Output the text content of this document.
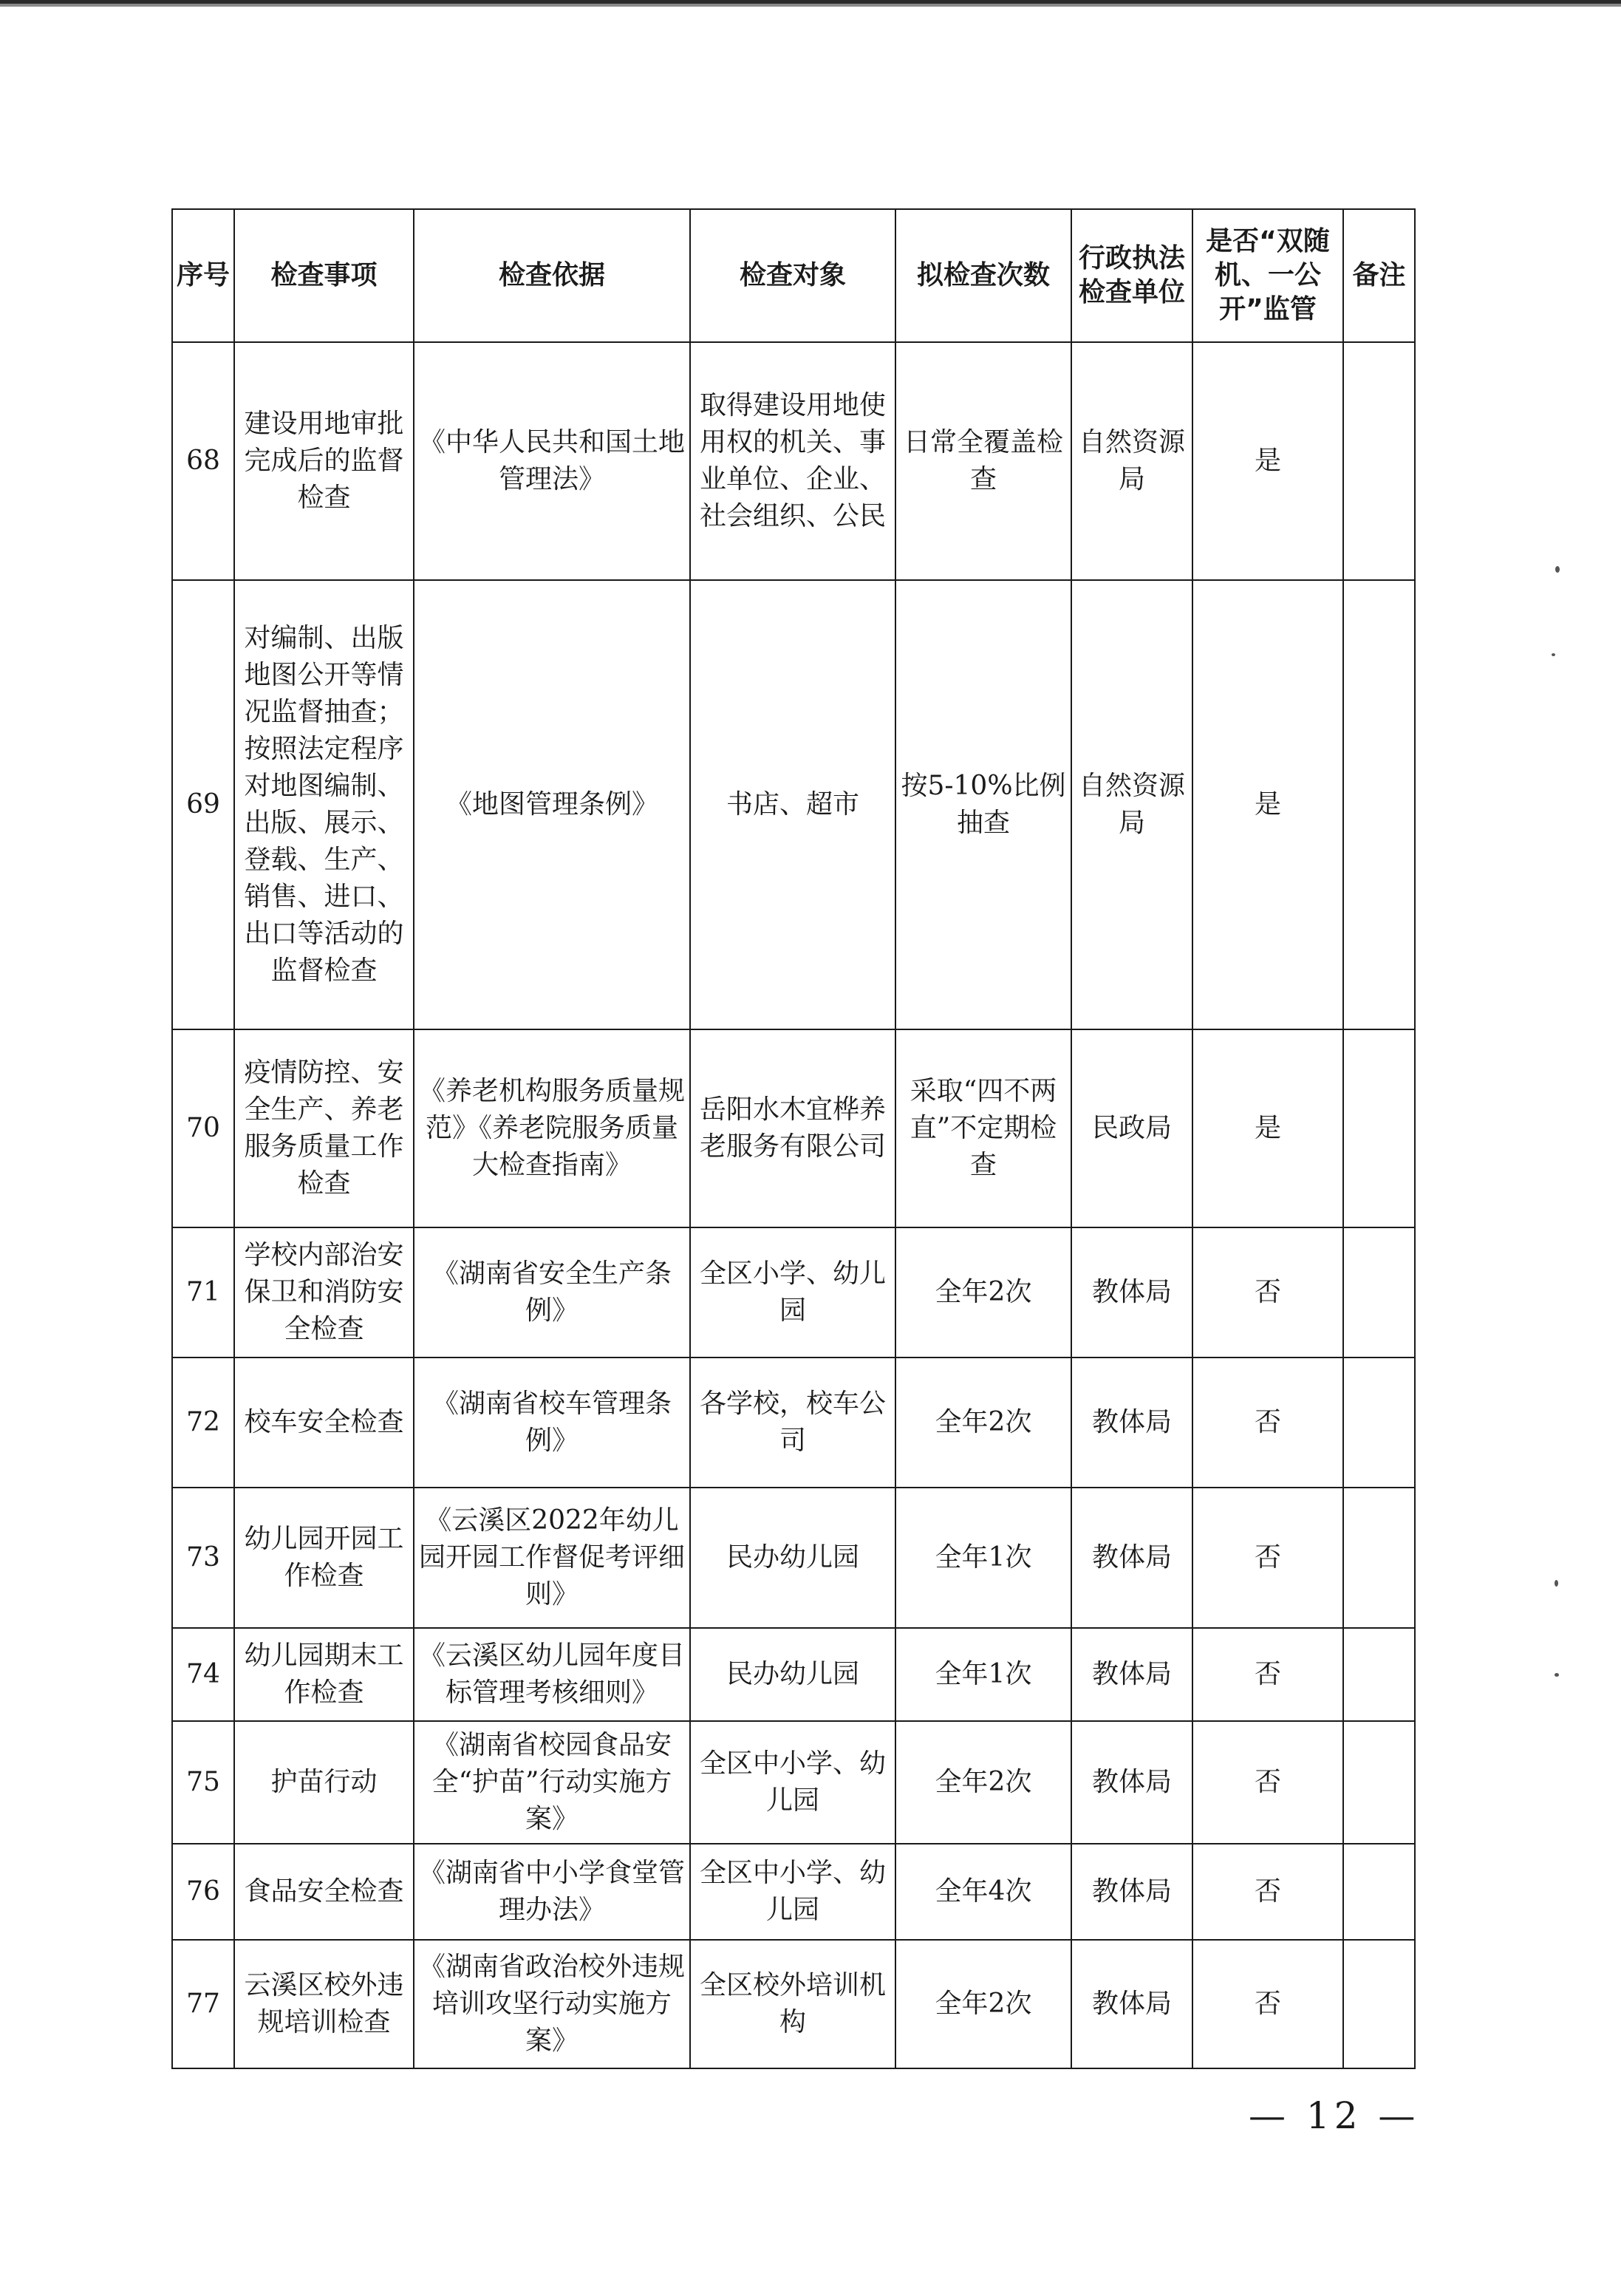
序号	检查事项	检查依据	检查对象	拟检查次数	行政执法检查单位	是否“双随机、一公开”监管	备注
68	建设用地审批完成后的监督检查	《中华人民共和国土地管理法》	取得建设用地使用权的机关、事业单位、企业、社会组织、公民	日常全覆盖检查	自然资源局	是	
69	对编制、出版地图公开等情况监督抽查；按照法定程序对地图编制、出版、展示、登载、生产、销售、进口、出口等活动的监督检查	《地图管理条例》	书店、超市	按5-10%比例抽查	自然资源局	是	
70	疫情防控、安全生产、养老服务质量工作检查	《养老机构服务质量规范》《养老院服务质量大检查指南》	岳阳水木宜桦养老服务有限公司	采取“四不两直”不定期检查	民政局	是	
71	学校内部治安保卫和消防安全检查	《湖南省安全生产条例》	全区小学、幼儿园	全年2次	教体局	否	
72	校车安全检查	《湖南省校车管理条例》	各学校，校车公司	全年2次	教体局	否	
73	幼儿园开园工作检查	《云溪区2022年幼儿园开园工作督促考评细则》	民办幼儿园	全年1次	教体局	否	
74	幼儿园期末工作检查	《云溪区幼儿园年度目标管理考核细则》	民办幼儿园	全年1次	教体局	否	
75	护苗行动	《湖南省校园食品安全“护苗”行动实施方案》	全区中小学、幼儿园	全年2次	教体局	否	
76	食品安全检查	《湖南省中小学食堂管理办法》	全区中小学、幼儿园	全年4次	教体局	否	
77	云溪区校外违规培训检查	《湖南省政治校外违规培训攻坚行动实施方案》	全区校外培训机构	全年2次	教体局	否	
— 12 —
